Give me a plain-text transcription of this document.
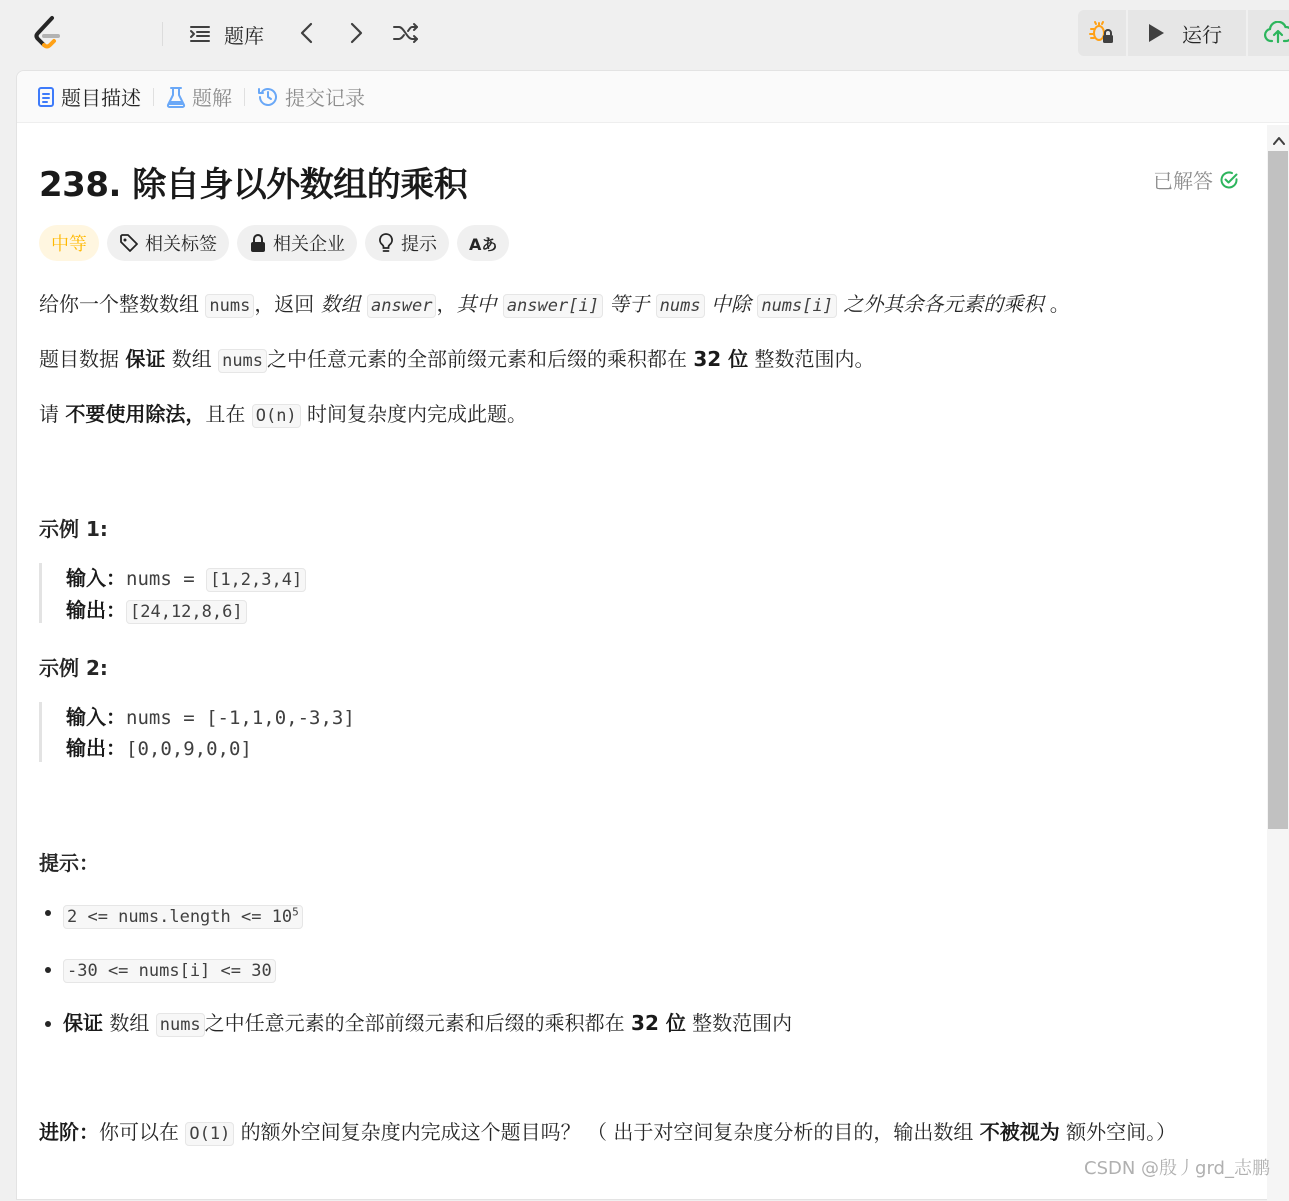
题库	运行
题目描述	题解	提交记录
238. 除自身以外数组的乘积	已解答
中等	相关标签	相关企业	提示 Aあ
给你一个整数数组 nums ，返回 数组 answer ，其中 answer[i] 等于 nums 中除 nums[i] 之外其余各元素的乘积 。
题目数据 保证 数组 nums 之中任意元素的全部前缀元素和后缀的乘积都在 32 位 整数范围内。
请 不要使用除法，且在 O(n) 时间复杂度内完成此题。
示例 1:
输入：nums = [1,2,3,4]
输出： [24,12,8,6]
示例 2:
输入：nums = [-1,1,0,-3,3]
输出：[0,0,9,0,0]
提示：
2 <= nums.length <= $10^5$
-30 <= nums[i] <= 30
保证 数组 nums 之中任意元素的全部前缀元素和后缀的乘积都在 32 位 整数范围内
进阶：你可以在 O(1) 的额外空间复杂度内完成这个题目吗？ （ 出于对空间复杂度分析的目的，输出数组 不被视为 额外空间。）
CSDN @殷丿grd_志鹏
